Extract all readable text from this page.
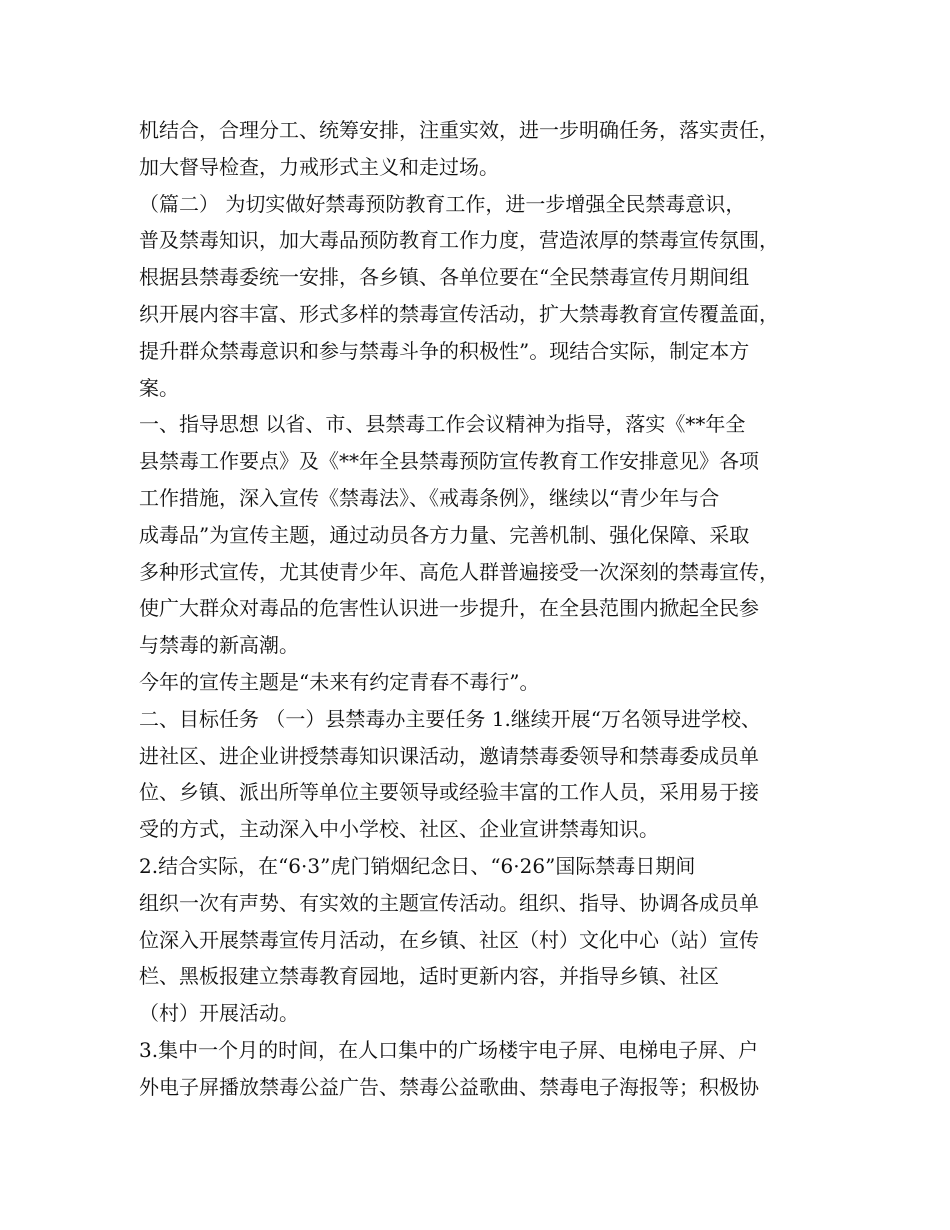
机结合，合理分工、统筹安排，注重实效，进一步明确任务，落实责任，
加大督导检查，力戒形式主义和走过场。
（篇二） 为切实做好禁毒预防教育工作，进一步增强全民禁毒意识，
普及禁毒知识，加大毒品预防教育工作力度，营造浓厚的禁毒宣传氛围，
根据县禁毒委统一安排，各乡镇、各单位要在“全民禁毒宣传月期间组
织开展内容丰富、形式多样的禁毒宣传活动，扩大禁毒教育宣传覆盖面，
提升群众禁毒意识和参与禁毒斗争的积极性”。现结合实际，制定本方
案。
一、指导思想 以省、市、县禁毒工作会议精神为指导，落实《**年全
县禁毒工作要点》及《**年全县禁毒预防宣传教育工作安排意见》各项
工作措施，深入宣传《禁毒法》、《戒毒条例》，继续以“青少年与合
成毒品”为宣传主题，通过动员各方力量、完善机制、强化保障、采取
多种形式宣传，尤其使青少年、高危人群普遍接受一次深刻的禁毒宣传，
使广大群众对毒品的危害性认识进一步提升，在全县范围内掀起全民参
与禁毒的新高潮。
今年的宣传主题是“未来有约定青春不毒行”。
二、目标任务 （一）县禁毒办主要任务 1.继续开展“万名领导进学校、
进社区、进企业讲授禁毒知识课活动，邀请禁毒委领导和禁毒委成员单
位、乡镇、派出所等单位主要领导或经验丰富的工作人员，采用易于接
受的方式，主动深入中小学校、社区、企业宣讲禁毒知识。
2.结合实际，在“6·3”虎门销烟纪念日、“6·26”国际禁毒日期间
组织一次有声势、有实效的主题宣传活动。组织、指导、协调各成员单
位深入开展禁毒宣传月活动，在乡镇、社区（村）文化中心（站）宣传
栏、黑板报建立禁毒教育园地，适时更新内容，并指导乡镇、社区
（村）开展活动。
3.集中一个月的时间，在人口集中的广场楼宇电子屏、电梯电子屏、户
外电子屏播放禁毒公益广告、禁毒公益歌曲、禁毒电子海报等；积极协
